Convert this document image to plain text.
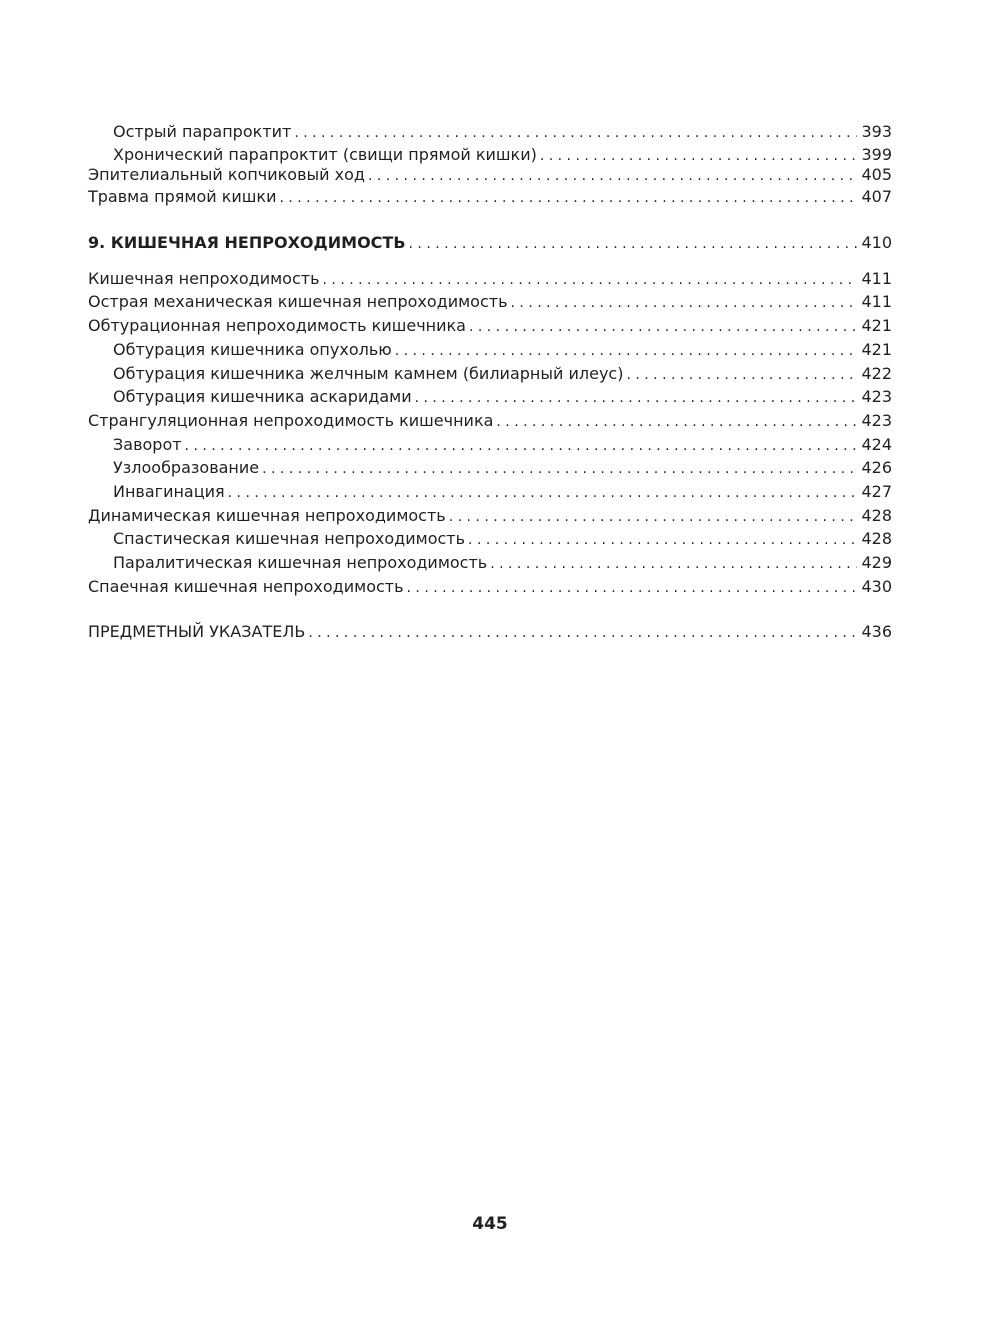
Острый парапроктит . . .	393
Хронический парапроктит (свищи прямой кишки) . . .	399
Эпителиальный копчиковый ход . . .	405
Травма прямой кишки . . .	407
9. КИШЕЧНАЯ НЕПРОХОДИМОСТЬ . . .	410
Кишечная непроходимость . . .	411
Острая механическая кишечная непроходимость . . .	411
Обтурационная непроходимость кишечника . . .	421
Обтурация кишечника опухолью . . .	421
Обтурация кишечника желчным камнем (билиарный илеус) . . .	422
Обтурация кишечника аскаридами . . .	423
Странгуляционная непроходимость кишечника . . .	423
Заворот . . .	424
Узлообразование . . .	426
Инвагинация . . .	427
Динамическая кишечная непроходимость . . .	428
Спастическая кишечная непроходимость . . .	428
Паралитическая кишечная непроходимость . . .	429
Спаечная кишечная непроходимость . . .	430
ПРЕДМЕТНЫЙ УКАЗАТЕЛЬ . . .	436
445
